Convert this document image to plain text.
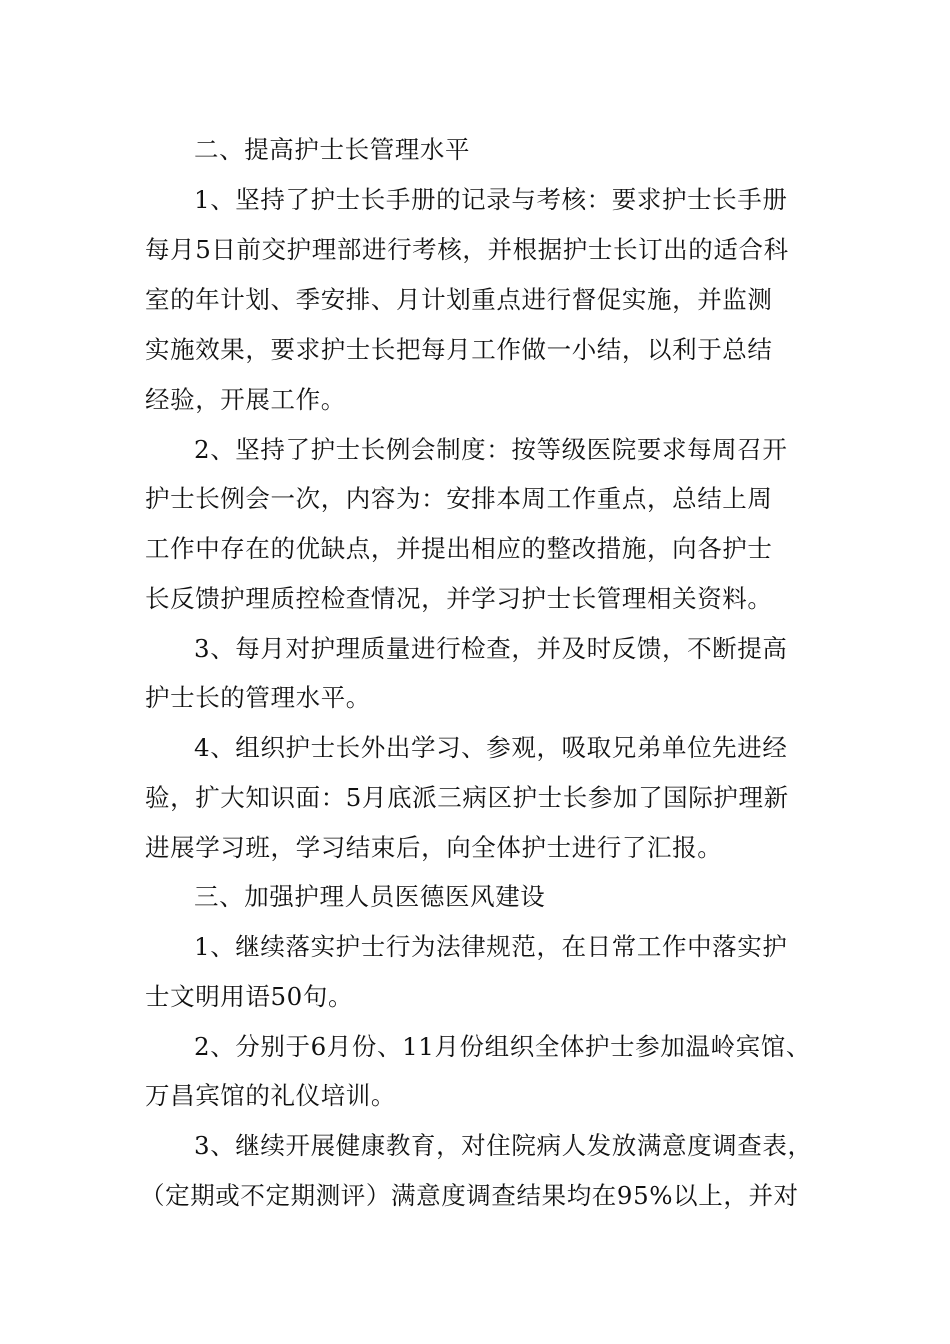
二、提高护士长管理水平
1、坚持了护士长手册的记录与考核：要求护士长手册
每月5日前交护理部进行考核，并根据护士长订出的适合科
室的年计划、季安排、月计划重点进行督促实施，并监测
实施效果，要求护士长把每月工作做一小结，以利于总结
经验，开展工作。
2、坚持了护士长例会制度：按等级医院要求每周召开
护士长例会一次，内容为：安排本周工作重点，总结上周
工作中存在的优缺点，并提出相应的整改措施，向各护士
长反馈护理质控检查情况，并学习护士长管理相关资料。
3、每月对护理质量进行检查，并及时反馈，不断提高
护士长的管理水平。
4、组织护士长外出学习、参观，吸取兄弟单位先进经
验，扩大知识面：5月底派三病区护士长参加了国际护理新
进展学习班，学习结束后，向全体护士进行了汇报。
三、加强护理人员医德医风建设
1、继续落实护士行为法律规范，在日常工作中落实护
士文明用语50句。
2、分别于6月份、11月份组织全体护士参加温岭宾馆、
万昌宾馆的礼仪培训。
3、继续开展健康教育，对住院病人发放满意度调查表，
（定期或不定期测评）满意度调查结果均在95%以上，并对
